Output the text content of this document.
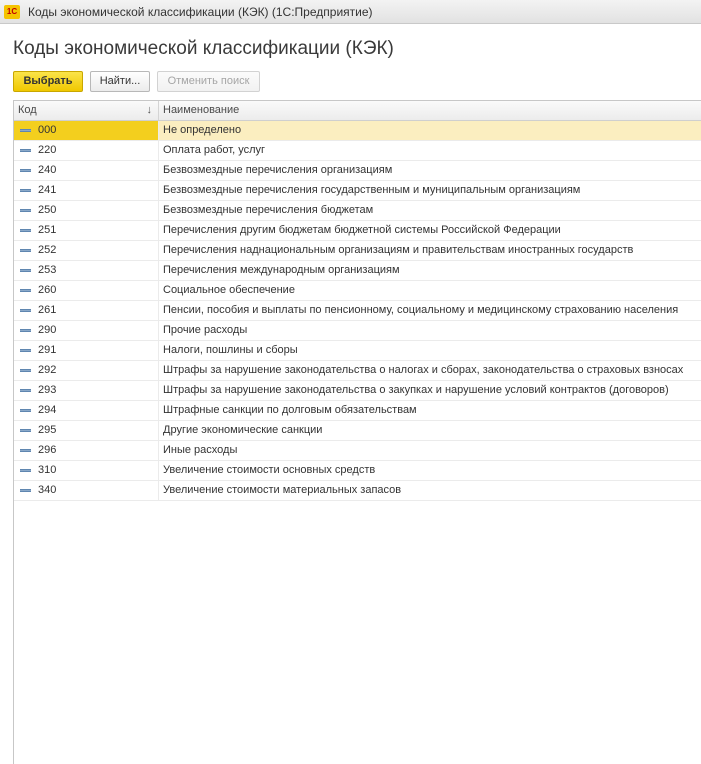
1С Коды экономической классификации (КЭК) (1С:Предприятие)
Коды экономической классификации (КЭК)
Выбрать	Найти...	Отменить поиск
Код	↓	Наименование
000	Не определено
220	Оплата работ, услуг
240	Безвозмездные перечисления организациям
241	Безвозмездные перечисления государственным и муниципальным организациям
250	Безвозмездные перечисления бюджетам
251	Перечисления другим бюджетам бюджетной системы Российской Федерации
252	Перечисления наднациональным организациям и правительствам иностранных государств
253	Перечисления международным организациям
260	Социальное обеспечение
261	Пенсии, пособия и выплаты по пенсионному, социальному и медицинскому страхованию населения
290	Прочие расходы
291	Налоги, пошлины и сборы
292	Штрафы за нарушение законодательства о налогах и сборах, законодательства о страховых взносах
293	Штрафы за нарушение законодательства о закупках и нарушение условий контрактов (договоров)
294	Штрафные санкции по долговым обязательствам
295	Другие экономические санкции
296	Иные расходы
310	Увеличение стоимости основных средств
340	Увеличение стоимости материальных запасов
